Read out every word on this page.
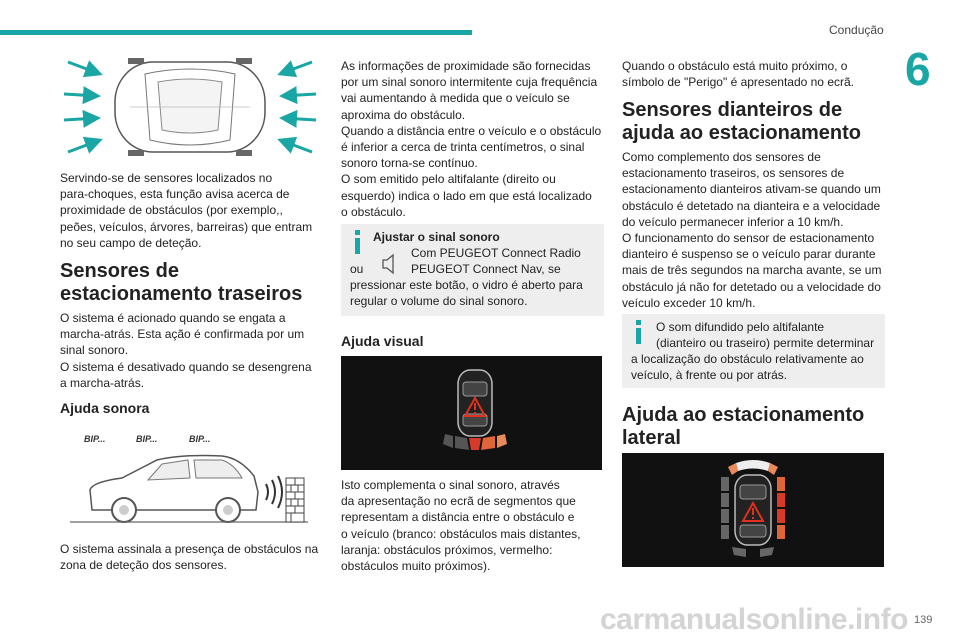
Condução
6

Servindo-se de sensores localizados no

para-choques, esta função avisa acerca de

proximidade de obstáculos (por exemplo,,

peões, veículos, árvores, barreiras) que entram

no seu campo de deteção.

Sensores de

estacionamento traseiros

O sistema é acionado quando se engata a

marcha-atrás. Esta ação é confirmada por um

sinal sonoro.

O sistema é desativado quando se desengrena

a marcha-atrás.

Ajuda sonora

BIP...	BIP...	BIP...

O sistema assinala a presença de obstáculos na

zona de deteção dos sensores.

As informações de proximidade são fornecidas

por um sinal sonoro intermitente cuja frequência

vai aumentando à medida que o veículo se

aproxima do obstáculo.

Quando a distância entre o veículo e o obstáculo

é inferior a cerca de trinta centímetros, o sinal

sonoro torna-se contínuo.

O som emitido pelo altifalante (direito ou

esquerdo) indica o lado em que está localizado

o obstáculo.

Ajustar o sinal sonoro
Com PEUGEOT Connect Radio
ou	PEUGEOT Connect Nav, se
pressionar este botão, o vidro é aberto para
regular o volume do sinal sonoro.

Ajuda visual

Isto complementa o sinal sonoro, através

da apresentação no ecrã de segmentos que

representam a distância entre o obstáculo e

o veículo (branco: obstáculos mais distantes,

laranja: obstáculos próximos, vermelho:

obstáculos muito próximos).

Quando o obstáculo está muito próximo, o

símbolo de "Perigo" é apresentado no ecrã.

Sensores dianteiros de

ajuda ao estacionamento

Como complemento dos sensores de

estacionamento traseiros, os sensores de

estacionamento dianteiros ativam-se quando um

obstáculo é detetado na dianteira e a velocidade

do veículo permanecer inferior a 10 km/h.

O funcionamento do sensor de estacionamento

dianteiro é suspenso se o veículo parar durante

mais de três segundos na marcha avante, se um

obstáculo já não for detetado ou a velocidade do

veículo exceder 10 km/h.

O som difundido pelo altifalante
(dianteiro ou traseiro) permite determinar
a localização do obstáculo relativamente ao
veículo, à frente ou por atrás.

Ajuda ao estacionamento

lateral

carmanualsonline.info 139
